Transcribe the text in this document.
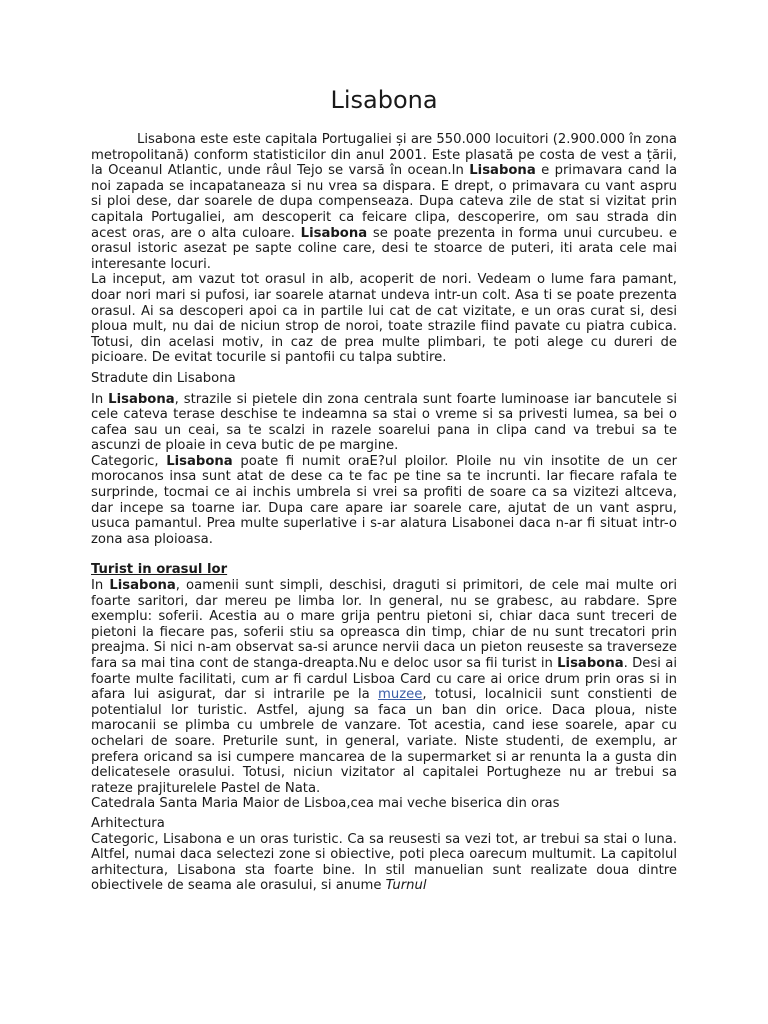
Lisabona

Lisabona este este capitala Portugaliei și are 550.000 locuitori (2.900.000 în zona metropolitană) conform statisticilor din anul 2001. Este plasată pe costa de vest a țării, la Oceanul Atlantic, unde râul Tejo se varsă în ocean.In Lisabona e primavara cand la noi zapada se incapataneaza si nu vrea sa dispara. E drept, o primavara cu vant aspru si ploi dese, dar soarele de dupa compenseaza. Dupa cateva zile de stat si vizitat prin capitala Portugaliei, am descoperit ca feicare clipa, descoperire, om sau strada din acest oras, are o alta culoare. Lisabona se poate prezenta in forma unui curcubeu. e orasul istoric asezat pe sapte coline care, desi te stoarce de puteri, iti arata cele mai interesante locuri.

La inceput, am vazut tot orasul in alb, acoperit de nori. Vedeam o lume fara pamant, doar nori mari si pufosi, iar soarele atarnat undeva intr-un colt. Asa ti se poate prezenta orasul. Ai sa descoperi apoi ca in partile lui cat de cat vizitate, e un oras curat si, desi ploua mult, nu dai de niciun strop de noroi, toate strazile fiind pavate cu piatra cubica. Totusi, din acelasi motiv, in caz de prea multe plimbari, te poti alege cu dureri de picioare. De evitat tocurile si pantofii cu talpa subtire.

Stradute din Lisabona

In Lisabona, strazile si pietele din zona centrala sunt foarte luminoase iar bancutele si cele cateva terase deschise te indeamna sa stai o vreme si sa privesti lumea, sa bei o cafea sau un ceai, sa te scalzi in razele soarelui pana in clipa cand va trebui sa te ascunzi de ploaie in ceva butic de pe margine.

Categoric, Lisabona poate fi numit oraE?ul ploilor. Ploile nu vin insotite de un cer morocanos insa sunt atat de dese ca te fac pe tine sa te incrunti. Iar fiecare rafala te surprinde, tocmai ce ai inchis umbrela si vrei sa profiti de soare ca sa vizitezi altceva, dar incepe sa toarne iar. Dupa care apare iar soarele care, ajutat de un vant aspru, usuca pamantul. Prea multe superlative i s-ar alatura Lisabonei daca n-ar fi situat intr-o zona asa ploioasa.

Turist in orasul lor

In Lisabona, oamenii sunt simpli, deschisi, draguti si primitori, de cele mai multe ori foarte saritori, dar mereu pe limba lor. In general, nu se grabesc, au rabdare. Spre exemplu: soferii. Acestia au o mare grija pentru pietoni si, chiar daca sunt treceri de pietoni la fiecare pas, soferii stiu sa opreasca din timp, chiar de nu sunt trecatori prin preajma. Si nici n-am observat sa-si arunce nervii daca un pieton reuseste sa traverseze fara sa mai tina cont de stanga-dreapta.Nu e deloc usor sa fii turist in Lisabona. Desi ai foarte multe facilitati, cum ar fi cardul Lisboa Card cu care ai orice drum prin oras si in afara lui asigurat, dar si intrarile pe la muzee, totusi, localnicii sunt constienti de potentialul lor turistic. Astfel, ajung sa faca un ban din orice. Daca ploua, niste marocanii se plimba cu umbrele de vanzare. Tot acestia, cand iese soarele, apar cu ochelari de soare. Preturile sunt, in general, variate. Niste studenti, de exemplu, ar prefera oricand sa isi cumpere mancarea de la supermarket si ar renunta la a gusta din delicatesele orasului. Totusi, niciun vizitator al capitalei Portugheze nu ar trebui sa rateze prajiturelele Pastel de Nata.

Catedrala Santa Maria Maior de Lisboa,cea mai veche biserica din oras

Arhitectura

Categoric, Lisabona e un oras turistic. Ca sa reusesti sa vezi tot, ar trebui sa stai o luna. Altfel, numai daca selectezi zone si obiective, poti pleca oarecum multumit. La capitolul arhitectura, Lisabona sta foarte bine. In stil manuelian sunt realizate doua dintre obiectivele de seama ale orasului, si anume Turnul
